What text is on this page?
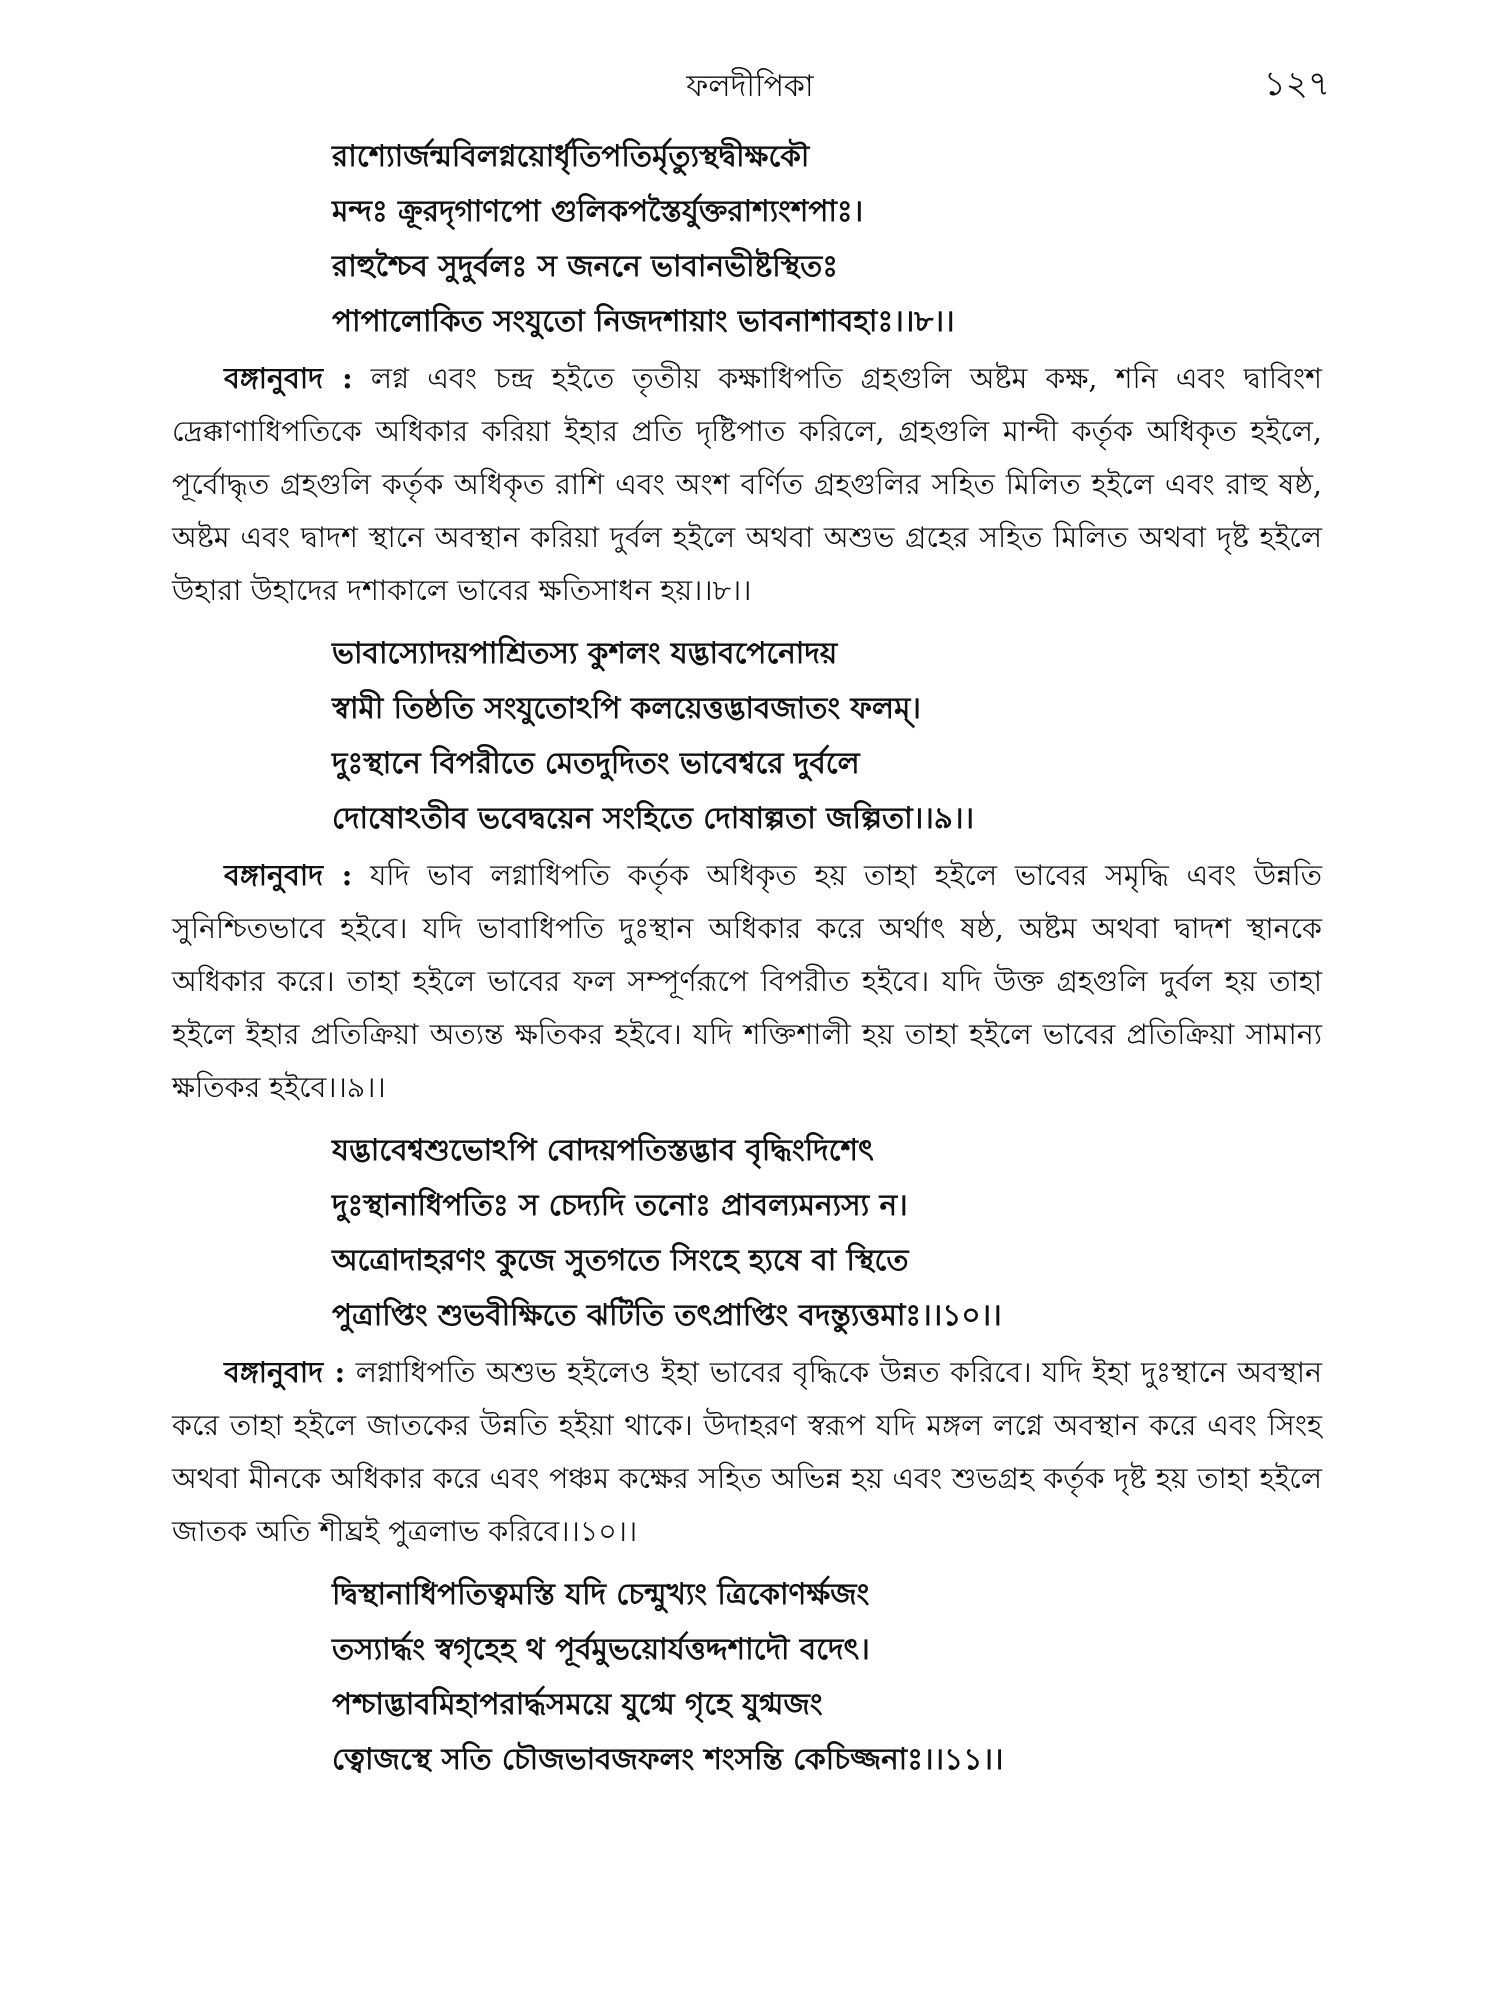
ফলদীপিকা	১২৭
রাশ্যোর্জন্মবিলগ্নয়োর্ধৃতিপতির্মৃত্যুস্থদ্বীক্ষকৌ
মন্দঃ ক্রূরদৃগাণপো গুলিকপস্তৈর্যুক্তরাশ্যংশপাঃ।
রাহুশ্চৈব সুদুর্বলঃ স জননে ভাবানভীষ্টস্থিতঃ
পাপালোকিত সংযুতো নিজদশায়াং ভাবনাশাবহাঃ।।৮।।
বঙ্গানুবাদ : লগ্ন এবং চন্দ্র হইতে তৃতীয় কক্ষাধিপতি গ্রহগুলি অষ্টম কক্ষ, শনি এবং দ্বাবিংশ দ্রেক্কাণাধিপতিকে অধিকার করিয়া ইহার প্রতি দৃষ্টিপাত করিলে, গ্রহগুলি মান্দী কর্তৃক অধিকৃত হইলে, পূর্বোদ্ধৃত গ্রহগুলি কর্তৃক অধিকৃত রাশি এবং অংশ বর্ণিত গ্রহগুলির সহিত মিলিত হইলে এবং রাহু ষষ্ঠ, অষ্টম এবং দ্বাদশ স্থানে অবস্থান করিয়া দুর্বল হইলে অথবা অশুভ গ্রহের সহিত মিলিত অথবা দৃষ্ট হইলে উহারা উহাদের দশাকালে ভাবের ক্ষতিসাধন হয়।।৮।।
ভাবাস্যোদয়পাশ্রিতস্য কুশলং যদ্ভাবপেনোদয়
স্বামী তিষ্ঠতি সংযুতোঽপি কলয়েত্তদ্ভাবজাতং ফলম্।
দুঃস্থানে বিপরীতে মেতদুদিতং ভাবেশ্বরে দুর্বলে
দোষোঽতীব ভবেদ্বয়েন সংহিতে দোষাল্পতা জল্পিতা।।৯।।
বঙ্গানুবাদ : যদি ভাব লগ্নাধিপতি কর্তৃক অধিকৃত হয় তাহা হইলে ভাবের সমৃদ্ধি এবং উন্নতি সুনিশ্চিতভাবে হইবে। যদি ভাবাধিপতি দুঃস্থান অধিকার করে অর্থাৎ ষষ্ঠ, অষ্টম অথবা দ্বাদশ স্থানকে অধিকার করে। তাহা হইলে ভাবের ফল সম্পূর্ণরূপে বিপরীত হইবে। যদি উক্ত গ্রহগুলি দুর্বল হয় তাহা হইলে ইহার প্রতিক্রিয়া অত্যন্ত ক্ষতিকর হইবে। যদি শক্তিশালী হয় তাহা হইলে ভাবের প্রতিক্রিয়া সামান্য ক্ষতিকর হইবে।।৯।।
যদ্ভাবেশ্বশুভোঽপি বোদয়পতিস্তদ্ভাব বৃদ্ধিংদিশেৎ
দুঃস্থানাধিপতিঃ স চেদ্যদি তনোঃ প্রাবল্যমন্যস্য ন।
অত্রোদাহরণং কুজে সুতগতে সিংহে হ্যষে বা স্থিতে
পুত্রাপ্তিং শুভবীক্ষিতে ঝটিতি তৎপ্রাপ্তিং বদন্ত্যুত্তমাঃ।।১০।।
বঙ্গানুবাদ : লগ্নাধিপতি অশুভ হইলেও ইহা ভাবের বৃদ্ধিকে উন্নত করিবে। যদি ইহা দুঃস্থানে অবস্থান করে তাহা হইলে জাতকের উন্নতি হইয়া থাকে। উদাহরণ স্বরূপ যদি মঙ্গল লগ্নে অবস্থান করে এবং সিংহ অথবা মীনকে অধিকার করে এবং পঞ্চম কক্ষের সহিত অভিন্ন হয় এবং শুভগ্রহ কর্তৃক দৃষ্ট হয় তাহা হইলে জাতক অতি শীঘ্রই পুত্রলাভ করিবে।।১০।।
দ্বিস্থানাধিপতিত্বমস্তি যদি চেন্মুখ্যং ত্রিকোণর্ক্ষজং
তস্যার্দ্ধং স্বগৃহেহ থ পূর্বমুভয়োর্যত্তদ্দশাদৌ বদেৎ।
পশ্চাদ্ভাবমিহাপরার্দ্ধসময়ে যুগ্মে গৃহে যুগ্মজং
ত্বোজস্থে সতি চৌজভাবজফলং শংসন্তি কেচিজ্জনাঃ।।১১।।
